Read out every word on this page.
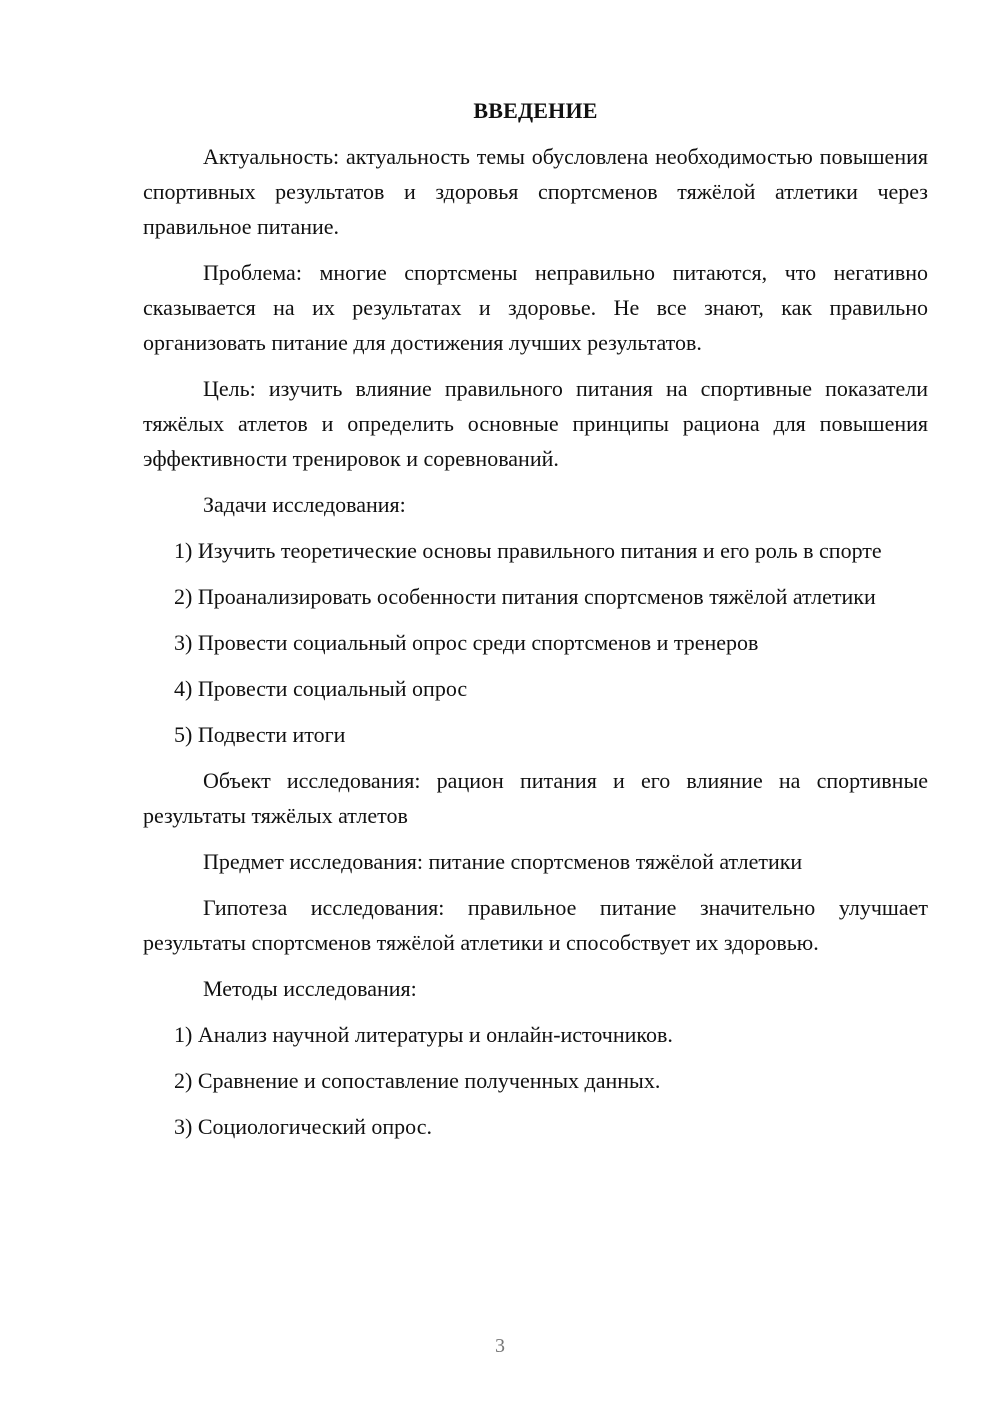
ВВЕДЕНИЕ

Актуальность: актуальность темы обусловлена необходимостью повышения спортивных результатов и здоровья спортсменов тяжёлой атлетики через правильное питание.

Проблема: многие спортсмены неправильно питаются, что негативно сказывается на их результатах и здоровье. Не все знают, как правильно организовать питание для достижения лучших результатов.

Цель: изучить влияние правильного питания на спортивные показатели тяжёлых атлетов и определить основные принципы рациона для повышения эффективности тренировок и соревнований.

Задачи исследования:

1) Изучить теоретические основы правильного питания и его роль в спорте

2) Проанализировать особенности питания спортсменов тяжёлой атлетики

3) Провести социальный опрос среди спортсменов и тренеров

4) Провести социальный опрос

5) Подвести итоги

Объект исследования: рацион питания и его влияние на спортивные результаты тяжёлых атлетов

Предмет исследования: питание спортсменов тяжёлой атлетики

Гипотеза исследования: правильное питание значительно улучшает результаты спортсменов тяжёлой атлетики и способствует их здоровью.

Методы исследования:

1) Анализ научной литературы и онлайн-источников.

2) Сравнение и сопоставление полученных данных.

3) Социологический опрос.

3
